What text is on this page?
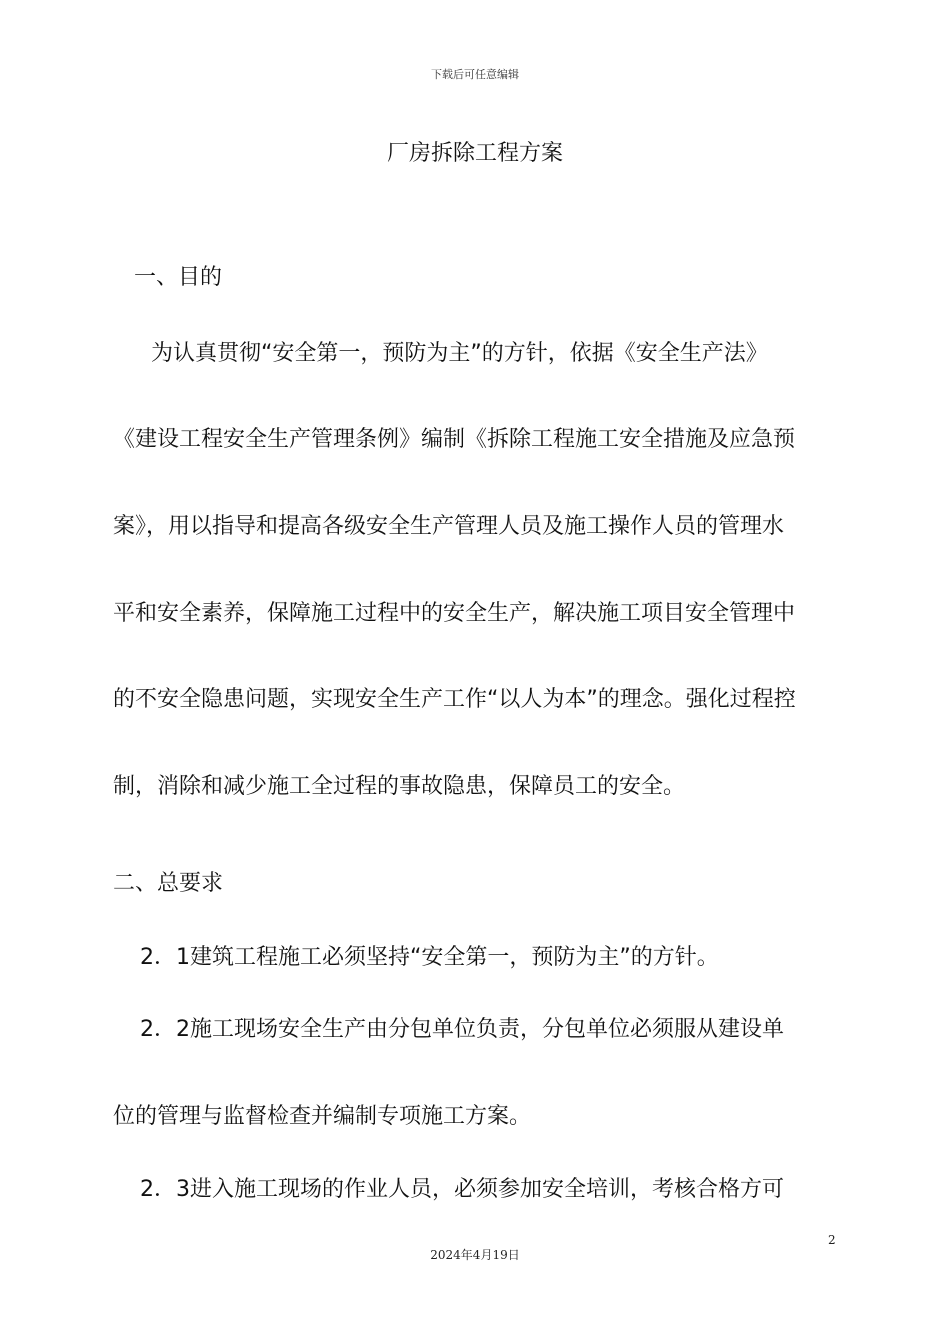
下载后可任意编辑
厂房拆除工程方案
一、目的
为认真贯彻“安全第一，预防为主”的方针，依据《安全生产法》
《建设工程安全生产管理条例》编制《拆除工程施工安全措施及应急预
案》，用以指导和提高各级安全生产管理人员及施工操作人员的管理水
平和安全素养，保障施工过程中的安全生产，解决施工项目安全管理中
的不安全隐患问题，实现安全生产工作“以人为本”的理念。强化过程控
制，消除和减少施工全过程的事故隐患，保障员工的安全。
二、总要求
2．1建筑工程施工必须坚持“安全第一，预防为主”的方针。
2．2施工现场安全生产由分包单位负责，分包单位必须服从建设单
位的管理与监督检查并编制专项施工方案。
2．3进入施工现场的作业人员，必须参加安全培训，考核合格方可
2
2024年4月19日
